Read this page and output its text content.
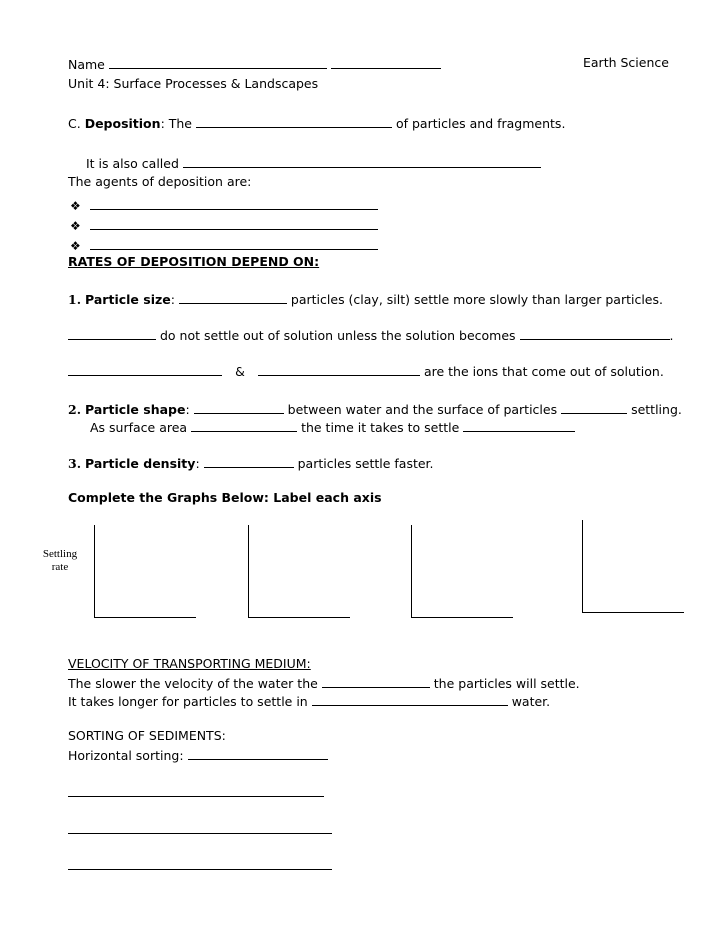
Name	Earth Science
Unit 4: Surface Processes & Landscapes
C. Deposition: The	of particles and fragments.
It is also called
The agents of deposition are:
❖
❖
❖
RATES OF DEPOSITION DEPEND ON:
1. Particle size:	particles (clay, silt) settle more slowly than larger particles.
do not settle out of solution unless the solution becomes	.
&	are the ions that come out of solution.
2. Particle shape:	between water and the surface of particles	settling.
As surface area	the time it takes to settle
3. Particle density:	particles settle faster.
Complete the Graphs Below: Label each axis
Settling
rate
VELOCITY OF TRANSPORTING MEDIUM:
The slower the velocity of the water the	the particles will settle.
It takes longer for particles to settle in	water.
SORTING OF SEDIMENTS:
Horizontal sorting:
